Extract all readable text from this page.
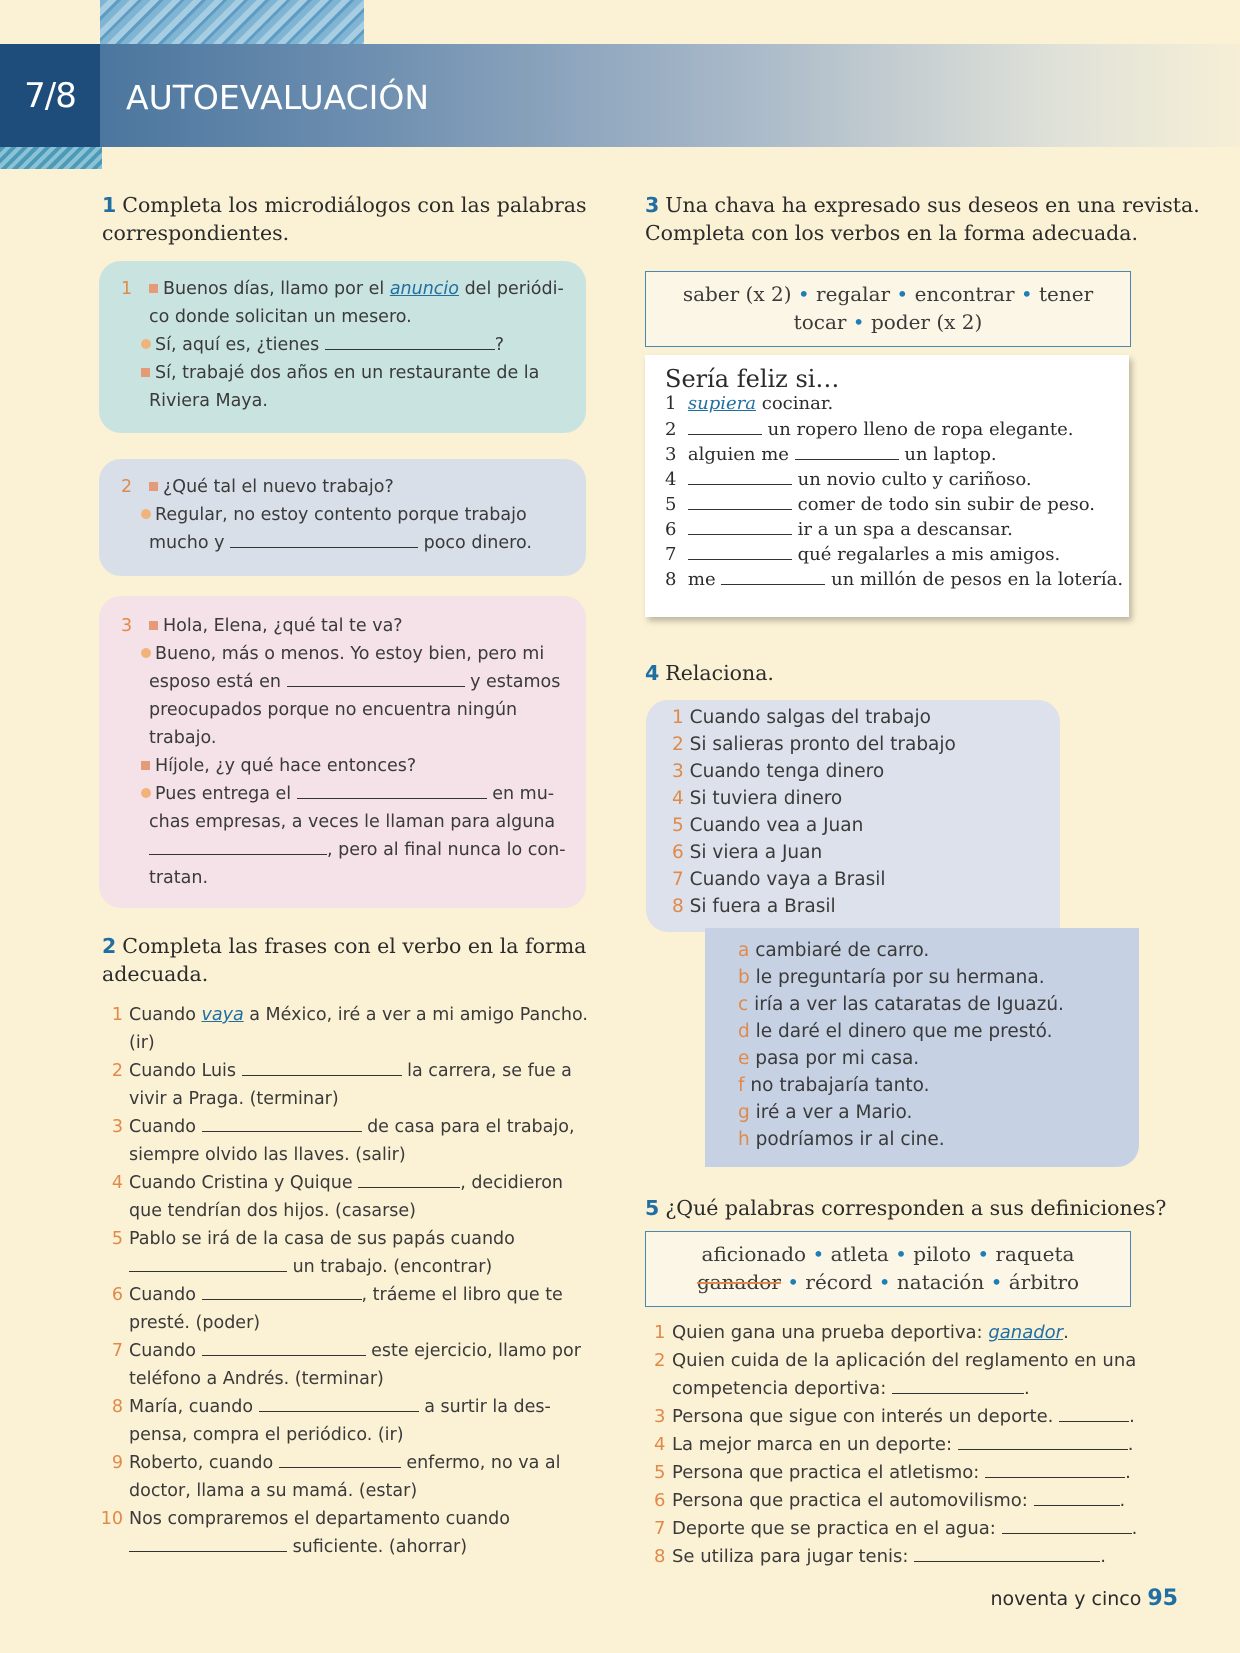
7/8	AUTOEVALUACIÓN
1 Completa los microdiálogos con las palabras
correspondientes.
1 Buenos días, llamo por el anuncio del periódi-
co donde solicitan un mesero.
Sí, aquí es, ¿tienes	?
Sí, trabajé dos años en un restaurante de la
Riviera Maya.
2 ¿Qué tal el nuevo trabajo?
Regular, no estoy contento porque trabajo
mucho y	poco dinero.
3 Hola, Elena, ¿qué tal te va?
Bueno, más o menos. Yo estoy bien, pero mi
esposo está en	y estamos
preocupados porque no encuentra ningún
trabajo.
Híjole, ¿y qué hace entonces?
Pues entrega el	en mu-
chas empresas, a veces le llaman para alguna
, pero al final nunca lo con-
tratan.
2 Completa las frases con el verbo en la forma
adecuada.
1 Cuando vaya a México, iré a ver a mi amigo Pancho.
(ir)
2 Cuando Luis	la carrera, se fue a
vivir a Praga. (terminar)
3 Cuando	de casa para el trabajo,
siempre olvido las llaves. (salir)
4 Cuando Cristina y Quique	, decidieron
que tendrían dos hijos. (casarse)
5 Pablo se irá de la casa de sus papás cuando
un trabajo. (encontrar)
6 Cuando	, tráeme el libro que te
presté. (poder)
7 Cuando	este ejercicio, llamo por
teléfono a Andrés. (terminar)
8 María, cuando	a surtir la des-
pensa, compra el periódico. (ir)
9 Roberto, cuando	enfermo, no va al
doctor, llama a su mamá. (estar)
10 Nos compraremos el departamento cuando
suficiente. (ahorrar)
3 Una chava ha expresado sus deseos en una revista.
Completa con los verbos en la forma adecuada.
saber (x 2) • regalar • encontrar • tener
tocar • poder (x 2)
Sería feliz si…
1 supiera cocinar.
2	un ropero lleno de ropa elegante.
3 alguien me	un laptop.
4	un novio culto y cariñoso.
5	comer de todo sin subir de peso.
6	ir a un spa a descansar.
7	qué regalarles a mis amigos.
8 me	un millón de pesos en la lotería.
4 Relaciona.
1 Cuando salgas del trabajo
2 Si salieras pronto del trabajo
3 Cuando tenga dinero
4 Si tuviera dinero
5 Cuando vea a Juan
6 Si viera a Juan
7 Cuando vaya a Brasil
8 Si fuera a Brasil
a cambiaré de carro.
b le preguntaría por su hermana.
c iría a ver las cataratas de Iguazú.
d le daré el dinero que me prestó.
e pasa por mi casa.
f no trabajaría tanto.
g iré a ver a Mario.
h podríamos ir al cine.
5 ¿Qué palabras corresponden a sus definiciones?
aficionado • atleta • piloto • raqueta
ganador • récord • natación • árbitro
1 Quien gana una prueba deportiva: ganador.
2 Quien cuida de la aplicación del reglamento en una
competencia deportiva:	.
3 Persona que sigue con interés un deporte.	.
4 La mejor marca en un deporte:	.
5 Persona que practica el atletismo:	.
6 Persona que practica el automovilismo:	.
7 Deporte que se practica en el agua:	.
8 Se utiliza para jugar tenis:	.
noventa y cinco 95
